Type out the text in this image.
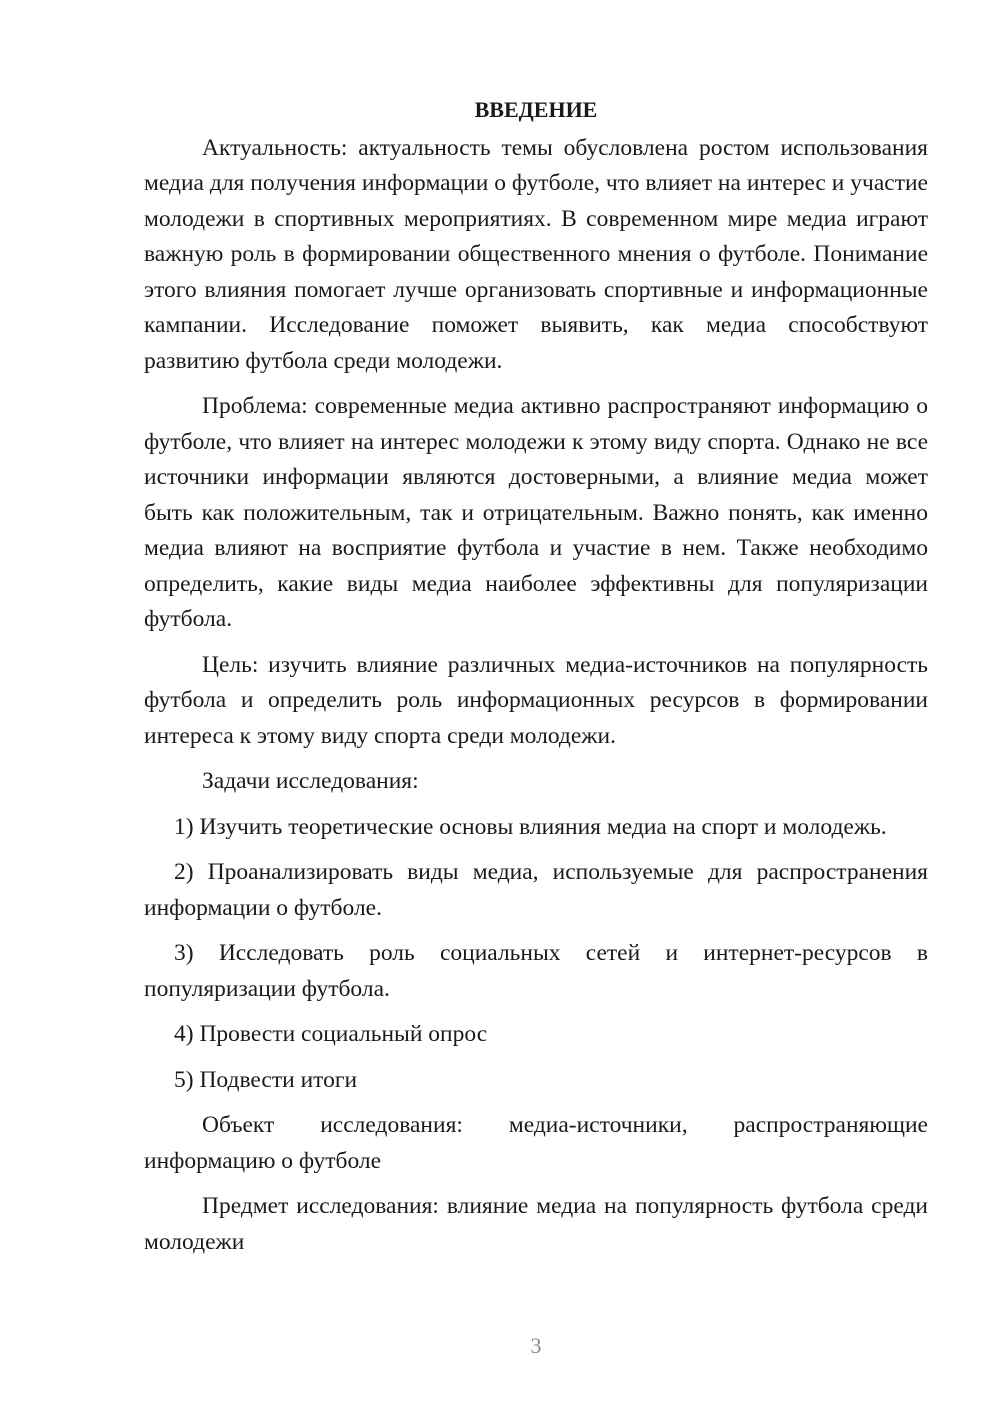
ВВЕДЕНИЕ

Актуальность: актуальность темы обусловлена ростом использования медиа для получения информации о футболе, что влияет на интерес и участие молодежи в спортивных мероприятиях. В современном мире медиа играют важную роль в формировании общественного мнения о футболе. Понимание этого влияния помогает лучше организовать спортивные и информационные кампании. Исследование поможет выявить, как медиа способствуют развитию футбола среди молодежи.

Проблема: современные медиа активно распространяют информацию о футболе, что влияет на интерес молодежи к этому виду спорта. Однако не все источники информации являются достоверными, а влияние медиа может быть как положительным, так и отрицательным. Важно понять, как именно медиа влияют на восприятие футбола и участие в нем. Также необходимо определить, какие виды медиа наиболее эффективны для популяризации футбола.

Цель: изучить влияние различных медиа-источников на популярность футбола и определить роль информационных ресурсов в формировании интереса к этому виду спорта среди молодежи.

Задачи исследования:

1) Изучить теоретические основы влияния медиа на спорт и молодежь.

2) Проанализировать виды медиа, используемые для распространения информации о футболе.

3) Исследовать роль социальных сетей и интернет-ресурсов в популяризации футбола.

4) Провести социальный опрос

5) Подвести итоги

Объект исследования: медиа-источники, распространяющие информацию о футболе

Предмет исследования: влияние медиа на популярность футбола среди молодежи

3
